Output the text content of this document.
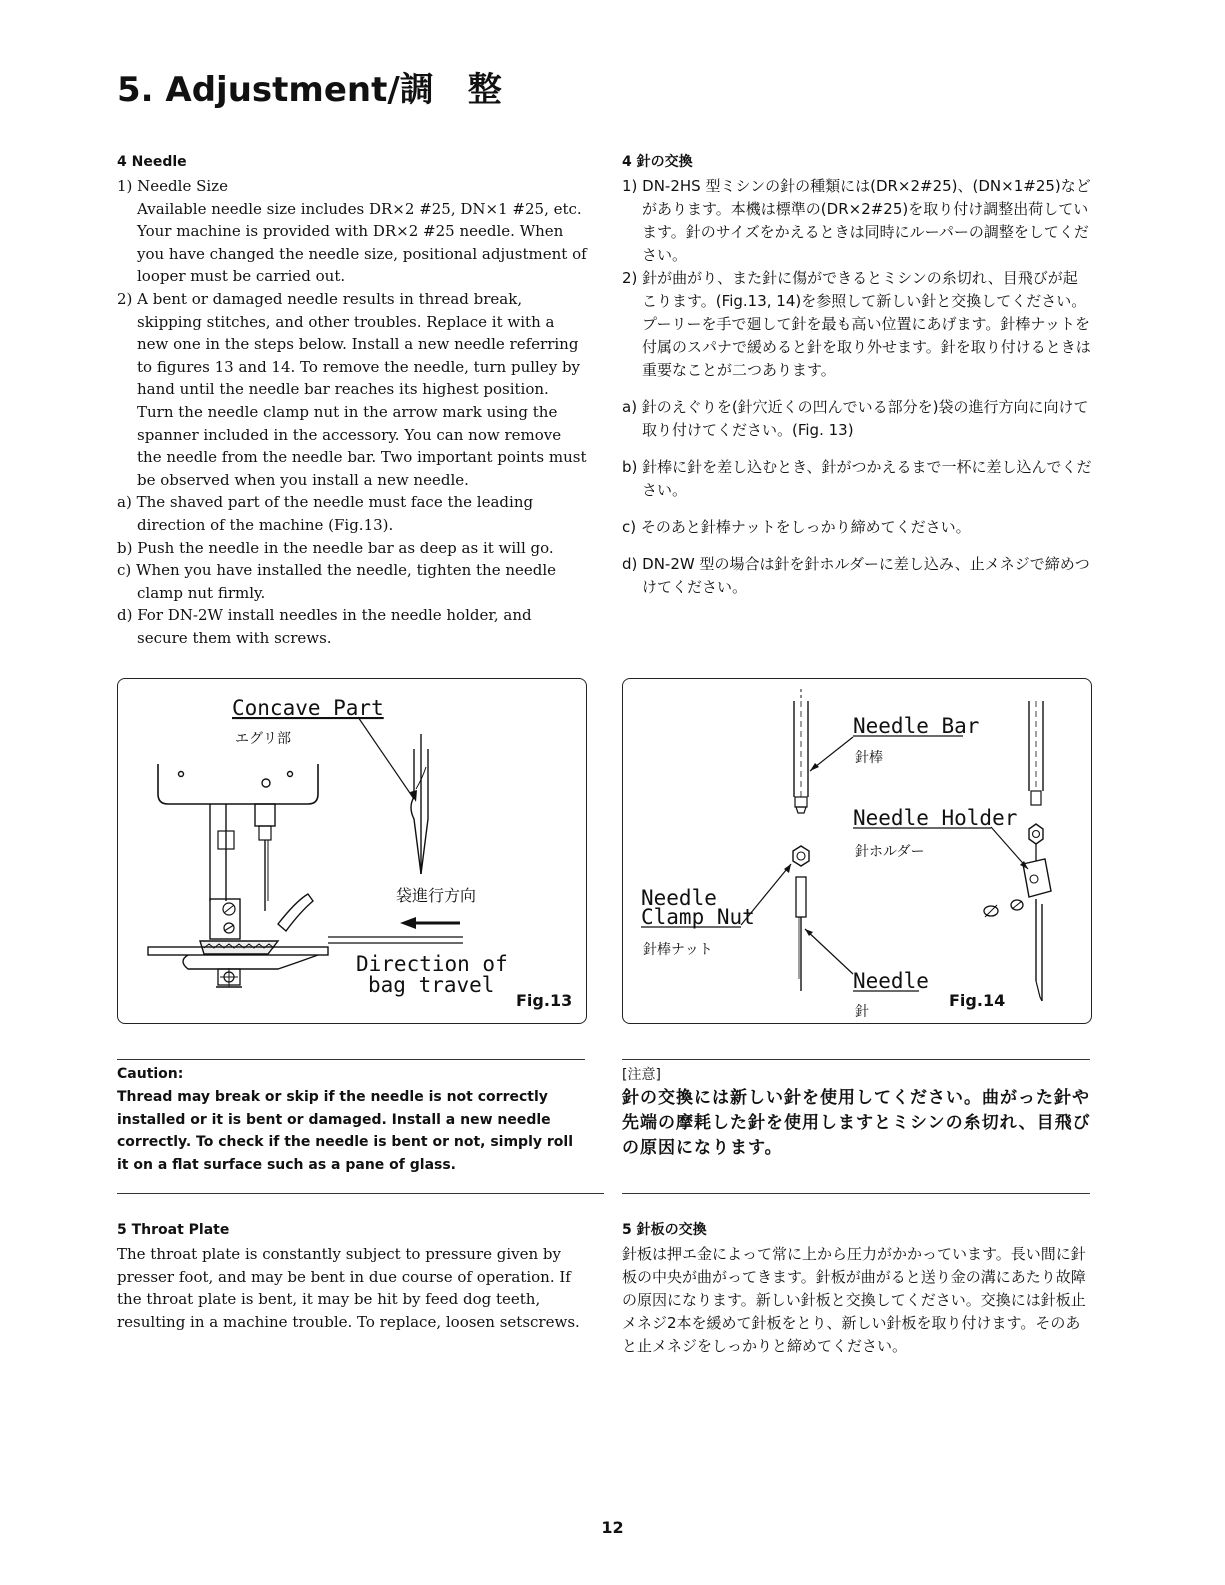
5. Adjustment/調　整

4 Needle

1) Needle Size

Available needle size includes DR×2 #25, DN×1 #25, etc. Your machine is provided with DR×2 #25 needle. When you have changed the needle size, positional adjustment of looper must be carried out.

2) A bent or damaged needle results in thread break, skipping stitches, and other troubles. Replace it with a new one in the steps below. Install a new needle referring to figures 13 and 14. To remove the needle, turn pulley by hand until the needle bar reaches its highest position. Turn the needle clamp nut in the arrow mark using the spanner included in the accessory. You can now remove the needle from the needle bar. Two important points must be observed when you install a new needle.

a) The shaved part of the needle must face the leading direction of the machine (Fig.13).

b) Push the needle in the needle bar as deep as it will go.

c) When you have installed the needle, tighten the needle clamp nut firmly.

d) For DN-2W install needles in the needle holder, and secure them with screws.

4 針の交換

1) DN-2HS 型ミシンの針の種類には(DR×2#25)、(DN×1#25)などがあります。本機は標準の(DR×2#25)を取り付け調整出荷しています。針のサイズをかえるときは同時にルーパーの調整をしてください。

2) 針が曲がり、また針に傷ができるとミシンの糸切れ、目飛びが起こります。(Fig.13, 14)を参照して新しい針と交換してください。プーリーを手で廻して針を最も高い位置にあげます。針棒ナットを付属のスパナで緩めると針を取り外せます。針を取り付けるときは重要なことが二つあります。

a) 針のえぐりを(針穴近くの凹んでいる部分を)袋の進行方向に向けて取り付けてください。(Fig. 13)

b) 針棒に針を差し込むとき、針がつかえるまで一杯に差し込んでください。

c) そのあと針棒ナットをしっかり締めてください。

d) DN-2W 型の場合は針を針ホルダーに差し込み、止メネジで締めつけてください。

Concave Part
エグリ部
袋進行方向
Direction of
bag travel
Fig.13
Needle Bar
針棒
Needle Holder
針ホルダー
Needle
Clamp Nut
針棒ナット
Needle
針
Fig.14

Caution:

Thread may break or skip if the needle is not correctly installed or it is bent or damaged. Install a new needle correctly. To check if the needle is bent or not, simply roll it on a flat surface such as a pane of glass.

[注意]

針の交換には新しい針を使用してください。曲がった針や先端の摩耗した針を使用しますとミシンの糸切れ、目飛びの原因になります。

5 Throat Plate

The throat plate is constantly subject to pressure given by presser foot, and may be bent in due course of operation. If the throat plate is bent, it may be hit by feed dog teeth, resulting in a machine trouble. To replace, loosen setscrews.

5 針板の交換

針板は押エ金によって常に上から圧力がかかっています。長い間に針板の中央が曲がってきます。針板が曲がると送り金の溝にあたり故障の原因になります。新しい針板と交換してください。交換には針板止メネジ2本を緩めて針板をとり、新しい針板を取り付けます。そのあと止メネジをしっかりと締めてください。

12
